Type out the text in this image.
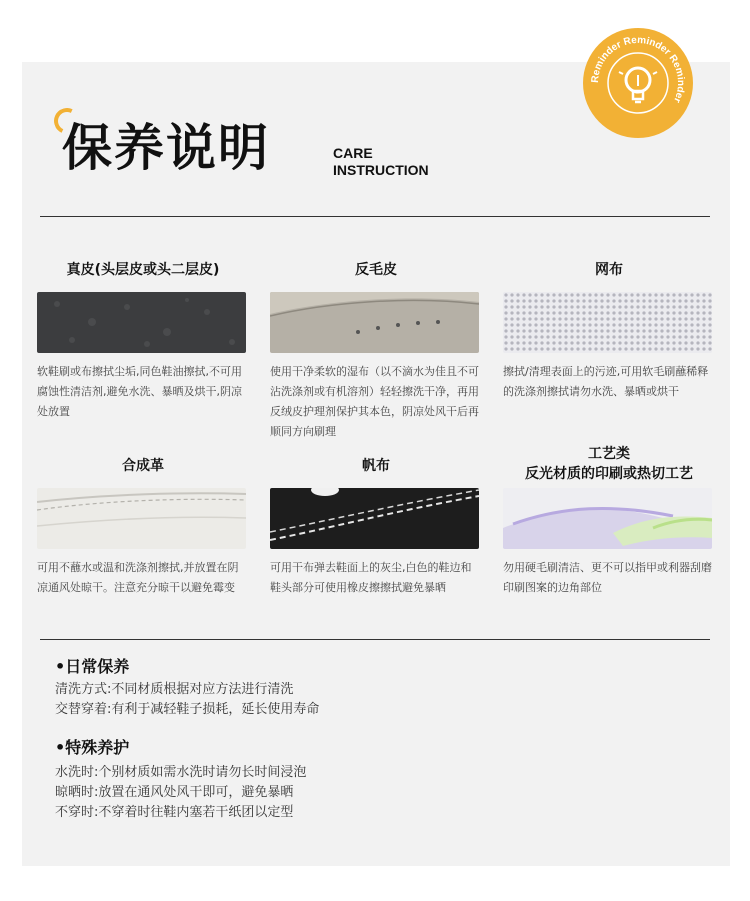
Reminder Reminder Reminder
保养说明	CARE
INSTRUCTION
真皮(头层皮或头二层皮)
软鞋刷或布擦拭尘垢,同色鞋油擦拭,不可用腐蚀性清洁剂,避免水洗、暴晒及烘干,阴凉处放置
反毛皮
使用干净柔软的湿布（以不滴水为佳且不可沾洗涤剂或有机溶剂）轻轻擦洗干净，再用反绒皮护理剂保护其本色，阴凉处风干后再顺同方向刷理
网布
擦拭/清理表面上的污迹,可用软毛刷蘸稀释的洗涤剂擦拭请勿水洗、暴晒或烘干
合成革
可用不蘸水或温和洗涤剂擦拭,并放置在阴凉通风处晾干。注意充分晾干以避免霉变
帆布
可用干布弹去鞋面上的灰尘,白色的鞋边和鞋头部分可使用橡皮擦擦拭避免暴晒
工艺类
反光材质的印刷或热切工艺
勿用硬毛刷清洁、更不可以指甲或利器刮磨印刷图案的边角部位
•日常保养
清洗方式:不同材质根据对应方法进行清洗
交替穿着:有利于减轻鞋子损耗，延长使用寿命
•特殊养护
水洗时:个别材质如需水洗时请勿长时间浸泡
晾晒时:放置在通风处风干即可，避免暴晒
不穿时:不穿着时往鞋内塞若干纸团以定型
